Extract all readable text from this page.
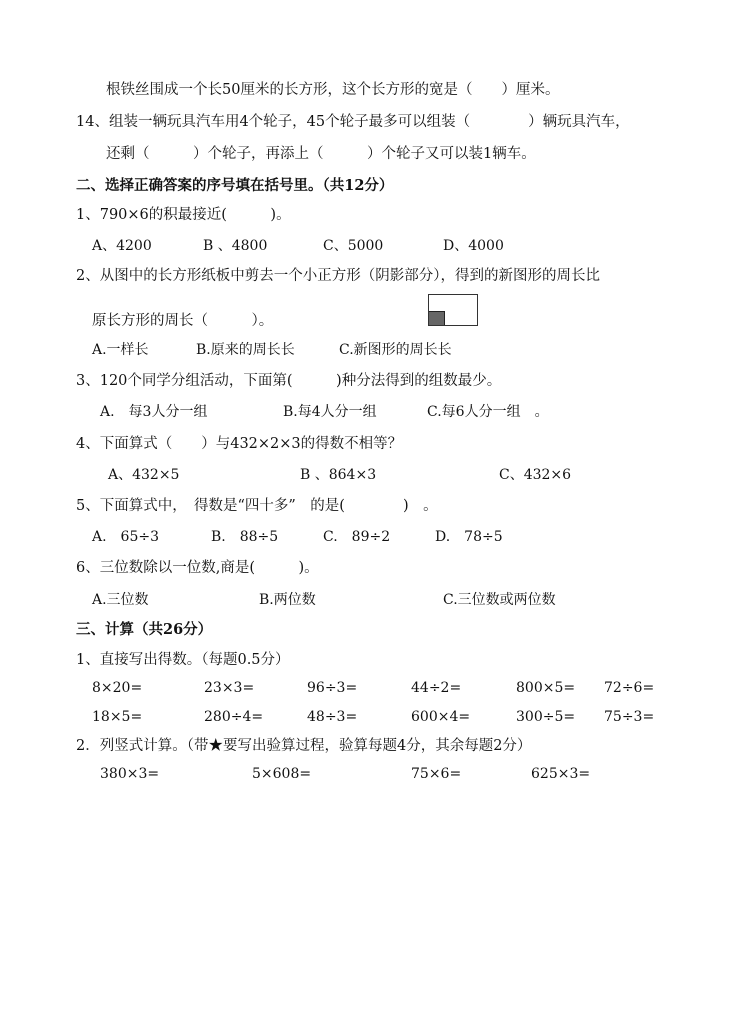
根铁丝围成一个长50厘米的长方形，这个长方形的宽是（　　）厘米。
14、组装一辆玩具汽车用4个轮子，45个轮子最多可以组装（　　　　）辆玩具汽车，
还剩（　　　）个轮子，再添上（　　　）个轮子又可以装1辆车。
二、选择正确答案的序号填在括号里。（共12分）
1、790×6的积最接近(　　　)。
A、4200	B 、4800	C、5000	D、4000
2、从图中的长方形纸板中剪去一个小正方形（阴影部分），得到的新图形的周长比
原长方形的周长（　　　）。
A.一样长	B.原来的周长长	C.新图形的周长长
3、120个同学分组活动，下面第(　　　)种分法得到的组数最少。
A.　每3人分一组	B.每4人分一组	C.每6人分一组　。
4、下面算式（　　）与432×2×3的得数不相等？
A、432×5	B 、864×3	C、432×6
5、下面算式中，　得数是“四十多”　的是(　　　　)　。
A.　65÷3	B.　88÷5	C.　89÷2	D.　78÷5
6、三位数除以一位数,商是(　　　)。
A.三位数	B.两位数	C.三位数或两位数
三、计算（共26分）
1、直接写出得数。（每题0.5分）
8×20=	23×3=	96÷3=	44÷2=	800×5= 72÷6=
18×5=	280÷4=	48÷3=	600×4=	300÷5= 75÷3=
2．列竖式计算。（带★要写出验算过程，验算每题4分，其余每题2分）
380×3=	5×608=	75×6=	625×3=
